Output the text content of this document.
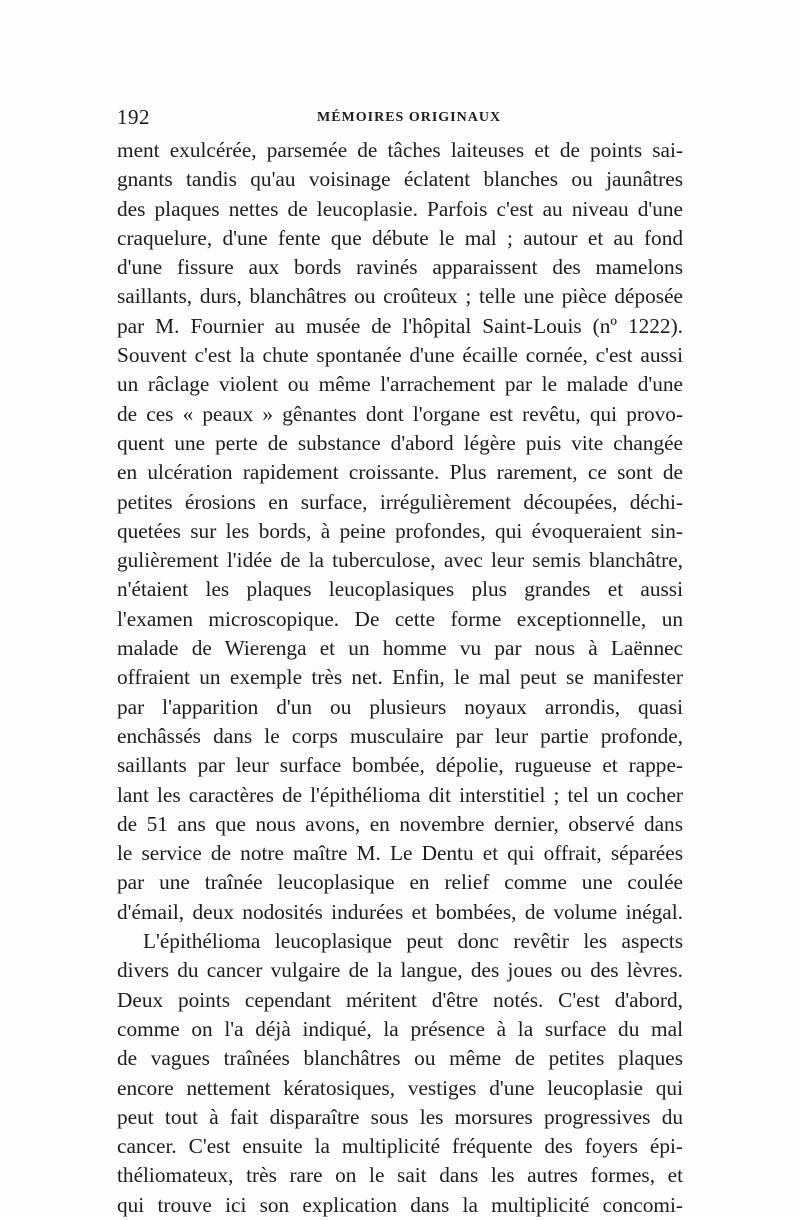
192	MÉMOIRES ORIGINAUX
ment exulcérée, parsemée de tâches laiteuses et de points sai-
gnants tandis qu'au voisinage éclatent blanches ou jaunâtres
des plaques nettes de leucoplasie. Parfois c'est au niveau d'une
craquelure, d'une fente que débute le mal ; autour et au fond
d'une fissure aux bords ravinés apparaissent des mamelons
saillants, durs, blanchâtres ou croûteux ; telle une pièce déposée
par M. Fournier au musée de l'hôpital Saint-Louis (nº 1222).
Souvent c'est la chute spontanée d'une écaille cornée, c'est aussi
un râclage violent ou même l'arrachement par le malade d'une
de ces « peaux » gênantes dont l'organe est revêtu, qui provo-
quent une perte de substance d'abord légère puis vite changée
en ulcération rapidement croissante. Plus rarement, ce sont de
petites érosions en surface, irrégulièrement découpées, déchi-
quetées sur les bords, à peine profondes, qui évoqueraient sin-
gulièrement l'idée de la tuberculose, avec leur semis blanchâtre,
n'étaient les plaques leucoplasiques plus grandes et aussi
l'examen microscopique. De cette forme exceptionnelle, un
malade de Wierenga et un homme vu par nous à Laënnec
offraient un exemple très net. Enfin, le mal peut se manifester
par l'apparition d'un ou plusieurs noyaux arrondis, quasi
enchâssés dans le corps musculaire par leur partie profonde,
saillants par leur surface bombée, dépolie, rugueuse et rappe-
lant les caractères de l'épithélioma dit interstitiel ; tel un cocher
de 51 ans que nous avons, en novembre dernier, observé dans
le service de notre maître M. Le Dentu et qui offrait, séparées
par une traînée leucoplasique en relief comme une coulée
d'émail, deux nodosités indurées et bombées, de volume inégal.
L'épithélioma leucoplasique peut donc revêtir les aspects
divers du cancer vulgaire de la langue, des joues ou des lèvres.
Deux points cependant méritent d'être notés. C'est d'abord,
comme on l'a déjà indiqué, la présence à la surface du mal
de vagues traînées blanchâtres ou même de petites plaques
encore nettement kératosiques, vestiges d'une leucoplasie qui
peut tout à fait disparaître sous les morsures progressives du
cancer. C'est ensuite la multiplicité fréquente des foyers épi-
théliomateux, très rare on le sait dans les autres formes, et
qui trouve ici son explication dans la multiplicité concomi-
